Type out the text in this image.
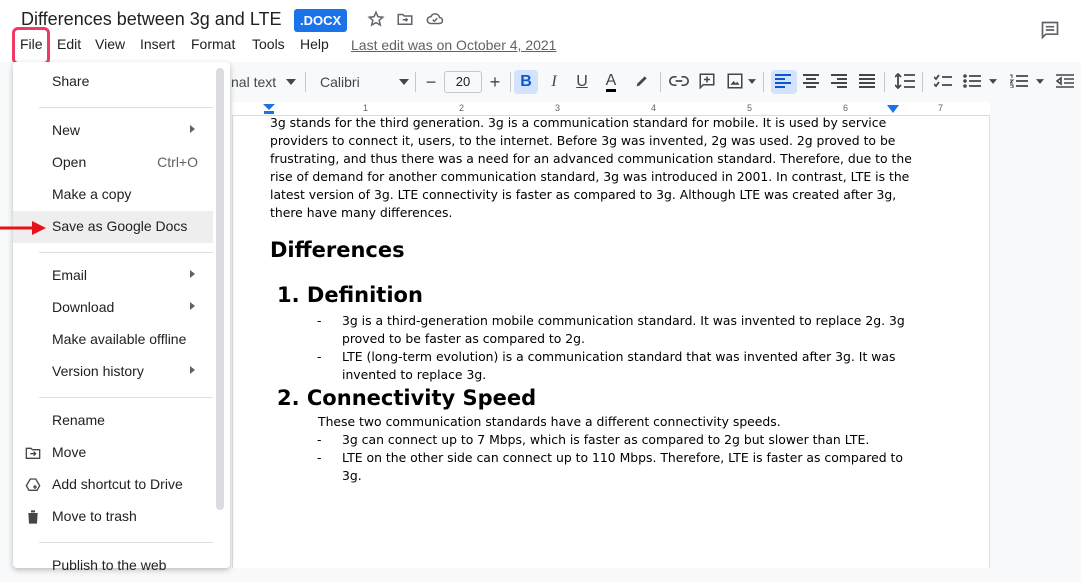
Differences between 3g and LTE	.DOCX
File Edit View Insert Format Tools Help Last edit was on October 4, 2021
nal text	Calibri	−	20	+	B	I	U	A
1	2	3	4	5	6	7
3g stands for the third generation. 3g is a communication standard for mobile. It is used by service
providers to connect it, users, to the internet. Before 3g was invented, 2g was used. 2g proved to be
frustrating, and thus there was a need for an advanced communication standard. Therefore, due to the
rise of demand for another communication standard, 3g was introduced in 2001. In contrast, LTE is the
latest version of 3g. LTE connectivity is faster as compared to 3g. Although LTE was created after 3g,
there have many differences.
Differences
1. Definition
- 3g is a third-generation mobile communication standard. It was invented to replace 2g. 3g
proved to be faster as compared to 2g.
- LTE (long-term evolution) is a communication standard that was invented after 3g. It was
invented to replace 3g.
2. Connectivity Speed
These two communication standards have a different connectivity speeds.
- 3g can connect up to 7 Mbps, which is faster as compared to 2g but slower than LTE.
- LTE on the other side can connect up to 110 Mbps. Therefore, LTE is faster as compared to
3g.
Share
New
Open	Ctrl+O
Make a copy
Save as Google Docs
Email
Download
Make available offline
Version history
Rename
Move
Add shortcut to Drive
Move to trash
Publish to the web
